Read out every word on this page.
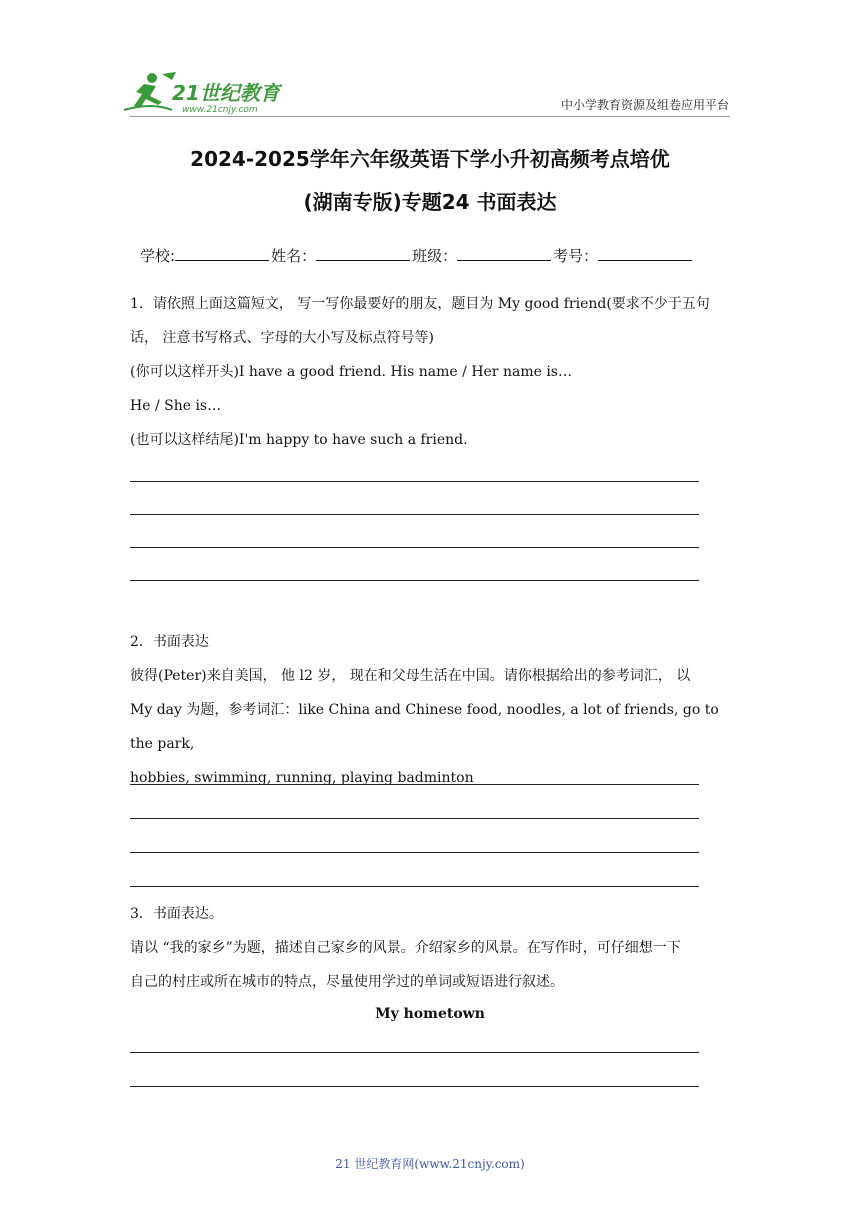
21世纪教育
www.21cnjy.com	中小学教育资源及组卷应用平台
2024-2025学年六年级英语下学小升初高频考点培优
(湖南专版)专题24 书面表达
学校:	姓名：	班级：	考号：
1．请依照上面这篇短文， 写一写你最要好的朋友，题目为 My good friend(要求不少于五句
话， 注意书写格式、字母的大小写及标点符号等)
(你可以这样开头)I have a good friend. His name / Her name is…
He / She is…
(也可以这样结尾)I'm happy to have such a friend.
2．书面表达
彼得(Peter)来自美国， 他 l2 岁， 现在和父母生活在中国。请你根据给出的参考词汇， 以
My day 为题，参考词汇：like China and Chinese food, noodles, a lot of friends, go to the park,
hobbies, swimming, running, playing badminton
3．书面表达。
请以 “我的家乡”为题，描述自己家乡的风景。介绍家乡的风景。在写作时，可仔细想一下
自己的村庄或所在城市的特点，尽量使用学过的单词或短语进行叙述。
My hometown
21 世纪教育网(www.21cnjy.com)
